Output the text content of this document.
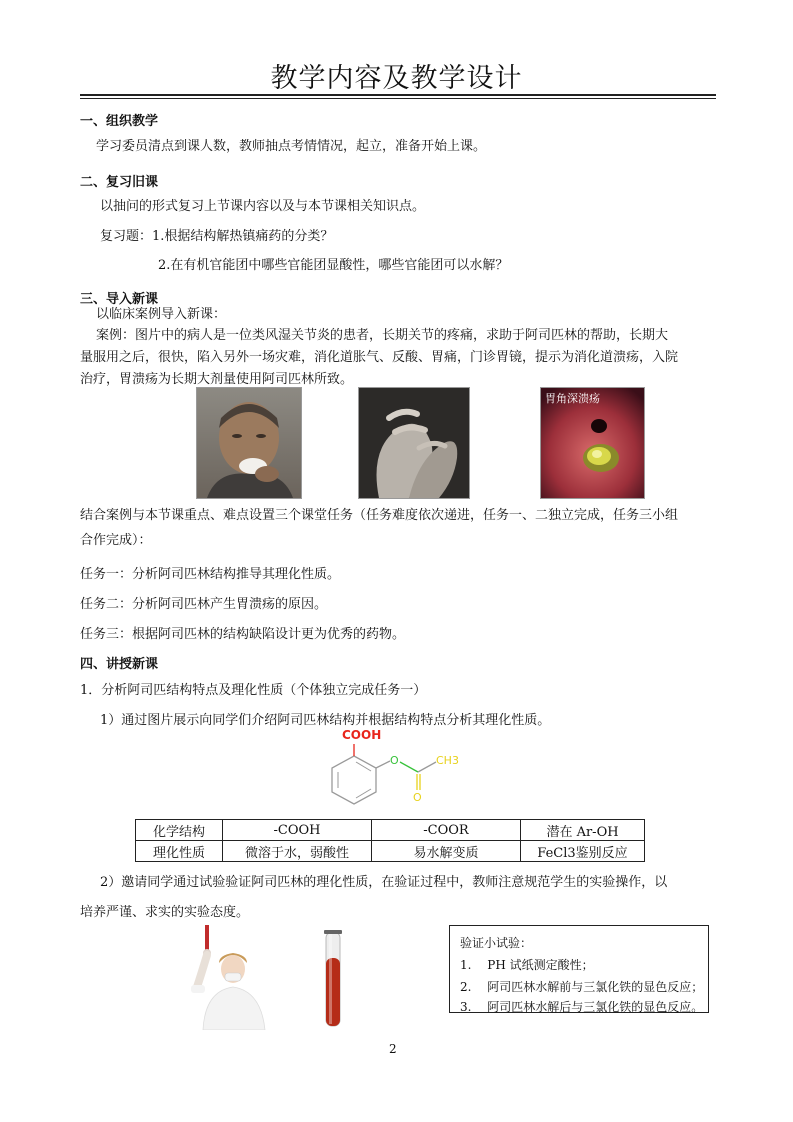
教学内容及教学设计
一、组织教学
学习委员清点到课人数，教师抽点考情情况，起立，准备开始上课。
二、复习旧课
以抽问的形式复习上节课内容以及与本节课相关知识点。
复习题：1.根据结构解热镇痛药的分类？
2.在有机官能团中哪些官能团显酸性，哪些官能团可以水解？
三、导入新课
以临床案例导入新课：
案例：图片中的病人是一位类风湿关节炎的患者，长期关节的疼痛，求助于阿司匹林的帮助，长期大
量服用之后，很快，陷入另外一场灾难，消化道胀气、反酸、胃痛，门诊胃镜，提示为消化道溃疡，入院
治疗，胃溃疡为长期大剂量使用阿司匹林所致。
胃角深溃疡
结合案例与本节课重点、难点设置三个课堂任务（任务难度依次递进，任务一、二独立完成，任务三小组
合作完成）：
任务一：分析阿司匹林结构推导其理化性质。
任务二：分析阿司匹林产生胃溃疡的原因。
任务三：根据阿司匹林的结构缺陷设计更为优秀的药物。
四、讲授新课
1．分析阿司匹结构特点及理化性质（个体独立完成任务一）
1）通过图片展示向同学们介绍阿司匹林结构并根据结构特点分析其理化性质。
COOH
O	CH3
O
化学结构	-COOH	-COOR	潜在 Ar-OH
理化性质	微溶于水，弱酸性	易水解变质	FeCl3鉴别反应
2）邀请同学通过试验验证阿司匹林的理化性质，在验证过程中，教师注意规范学生的实验操作，以
培养严谨、求实的实验态度。
验证小试验：
1. PH 试纸测定酸性；
2. 阿司匹林水解前与三氯化铁的显色反应；
3. 阿司匹林水解后与三氯化铁的显色反应。
2
